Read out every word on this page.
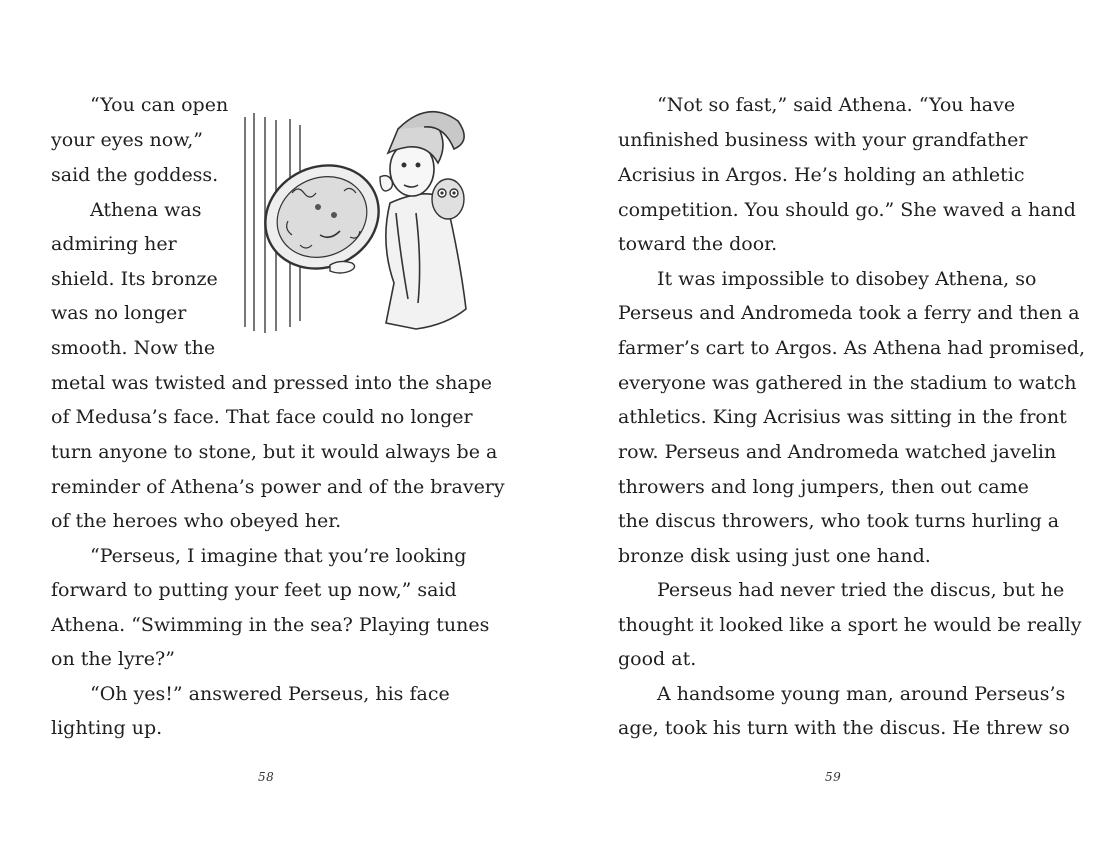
“You can open
your eyes now,”
said the goddess.
Athena was
admiring her
shield. Its bronze
was no longer
smooth. Now the
metal was twisted and pressed into the shape
of Medusa’s face. That face could no longer
turn anyone to stone, but it would always be a
reminder of Athena’s power and of the bravery
of the heroes who obeyed her.
“Perseus, I imagine that you’re looking
forward to putting your feet up now,” said
Athena. “Swimming in the sea? Playing tunes
on the lyre?”
“Oh yes!” answered Perseus, his face
lighting up.
58
“Not so fast,” said Athena. “You have
unfinished business with your grandfather
Acrisius in Argos. He’s holding an athletic
competition. You should go.” She waved a hand
toward the door.
It was impossible to disobey Athena, so
Perseus and Andromeda took a ferry and then a
farmer’s cart to Argos. As Athena had promised,
everyone was gathered in the stadium to watch
athletics. King Acrisius was sitting in the front
row. Perseus and Andromeda watched javelin
throwers and long jumpers, then out came
the discus throwers, who took turns hurling a
bronze disk using just one hand.
Perseus had never tried the discus, but he
thought it looked like a sport he would be really
good at.
A handsome young man, around Perseus’s
age, took his turn with the discus. He threw so
59
